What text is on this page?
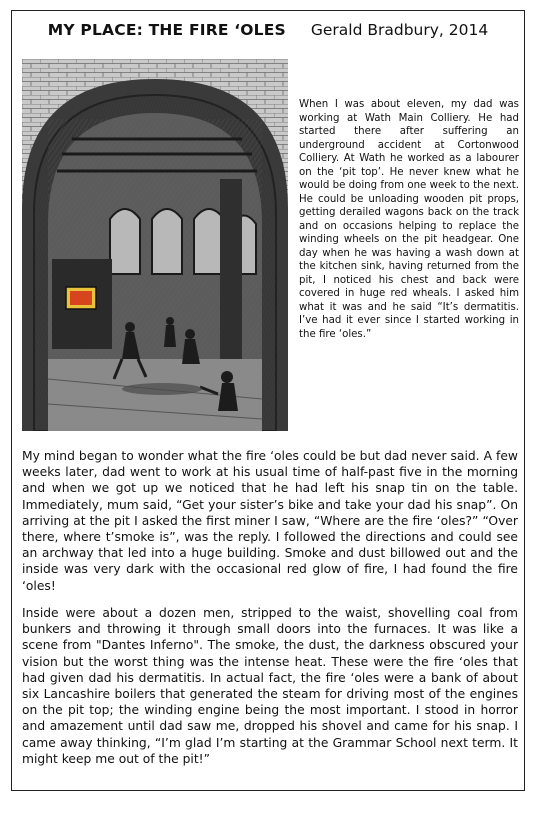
MY PLACE: THE FIRE ‘OLES Gerald Bradbury, 2014
When I was about eleven, my dad was working at Wath Main Colliery. He had started there after suffering an underground accident at Cortonwood Colliery. At Wath he worked as a labourer on the ‘pit top’. He never knew what he would be doing from one week to the next. He could be unloading wooden pit props, getting derailed wagons back on the track and on occasions helping to replace the winding wheels on the pit headgear. One day when he was having a wash down at the kitchen sink, having returned from the pit, I noticed his chest and back were covered in huge red wheals. I asked him what it was and he said “It’s dermatitis. I’ve had it ever since I started working in the fire ‘oles.”
My mind began to wonder what the fire ‘oles could be but dad never said. A few weeks later, dad went to work at his usual time of half-past five in the morning and when we got up we noticed that he had left his snap tin on the table. Immediately, mum said, “Get your sister’s bike and take your dad his snap”. On arriving at the pit I asked the first miner I saw, “Where are the fire ‘oles?” “Over there, where t’smoke is”, was the reply. I followed the directions and could see an archway that led into a huge building. Smoke and dust billowed out and the inside was very dark with the occasional red glow of fire, I had found the fire ‘oles!
Inside were about a dozen men, stripped to the waist, shovelling coal from bunkers and throwing it through small doors into the furnaces. It was like a scene from "Dantes Inferno". The smoke, the dust, the darkness obscured your vision but the worst thing was the intense heat. These were the fire ‘oles that had given dad his dermatitis. In actual fact, the fire ‘oles were a bank of about six Lancashire boilers that generated the steam for driving most of the engines on the pit top; the winding engine being the most important. I stood in horror and amazement until dad saw me, dropped his shovel and came for his snap. I came away thinking, “I’m glad I’m starting at the Grammar School next term. It might keep me out of the pit!”
